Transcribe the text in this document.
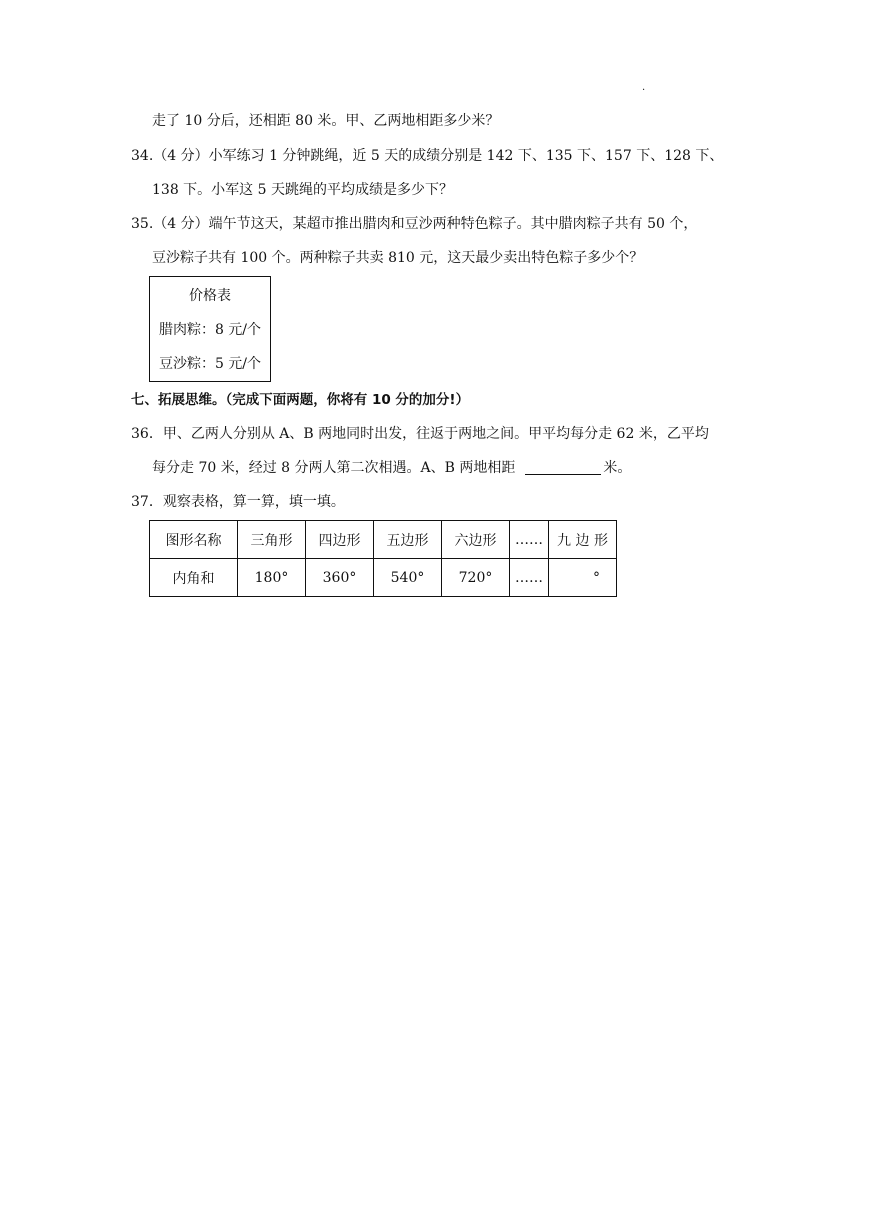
.
走了 10 分后，还相距 80 米。甲、乙两地相距多少米？
34.（4 分）小军练习 1 分钟跳绳，近 5 天的成绩分别是 142 下、135 下、157 下、128 下、
138 下。小军这 5 天跳绳的平均成绩是多少下？
35.（4 分）端午节这天，某超市推出腊肉和豆沙两种特色粽子。其中腊肉粽子共有 50 个，
豆沙粽子共有 100 个。两种粽子共卖 810 元，这天最少卖出特色粽子多少个？
价格表
腊肉粽：8 元/个
豆沙粽：5 元/个
七、拓展思维。（完成下面两题，你将有 10 分的加分!）
36．甲、乙两人分别从 A、B 两地同时出发，往返于两地之间。甲平均每分走 62 米，乙平均
每分走 70 米，经过 8 分两人第二次相遇。A、B 两地相距	米。
37．观察表格，算一算，填一填。
图形名称	三角形	四边形	五边形	六边形	……	九 边 形
内角和	180°	360°	540°	720°	……	°
